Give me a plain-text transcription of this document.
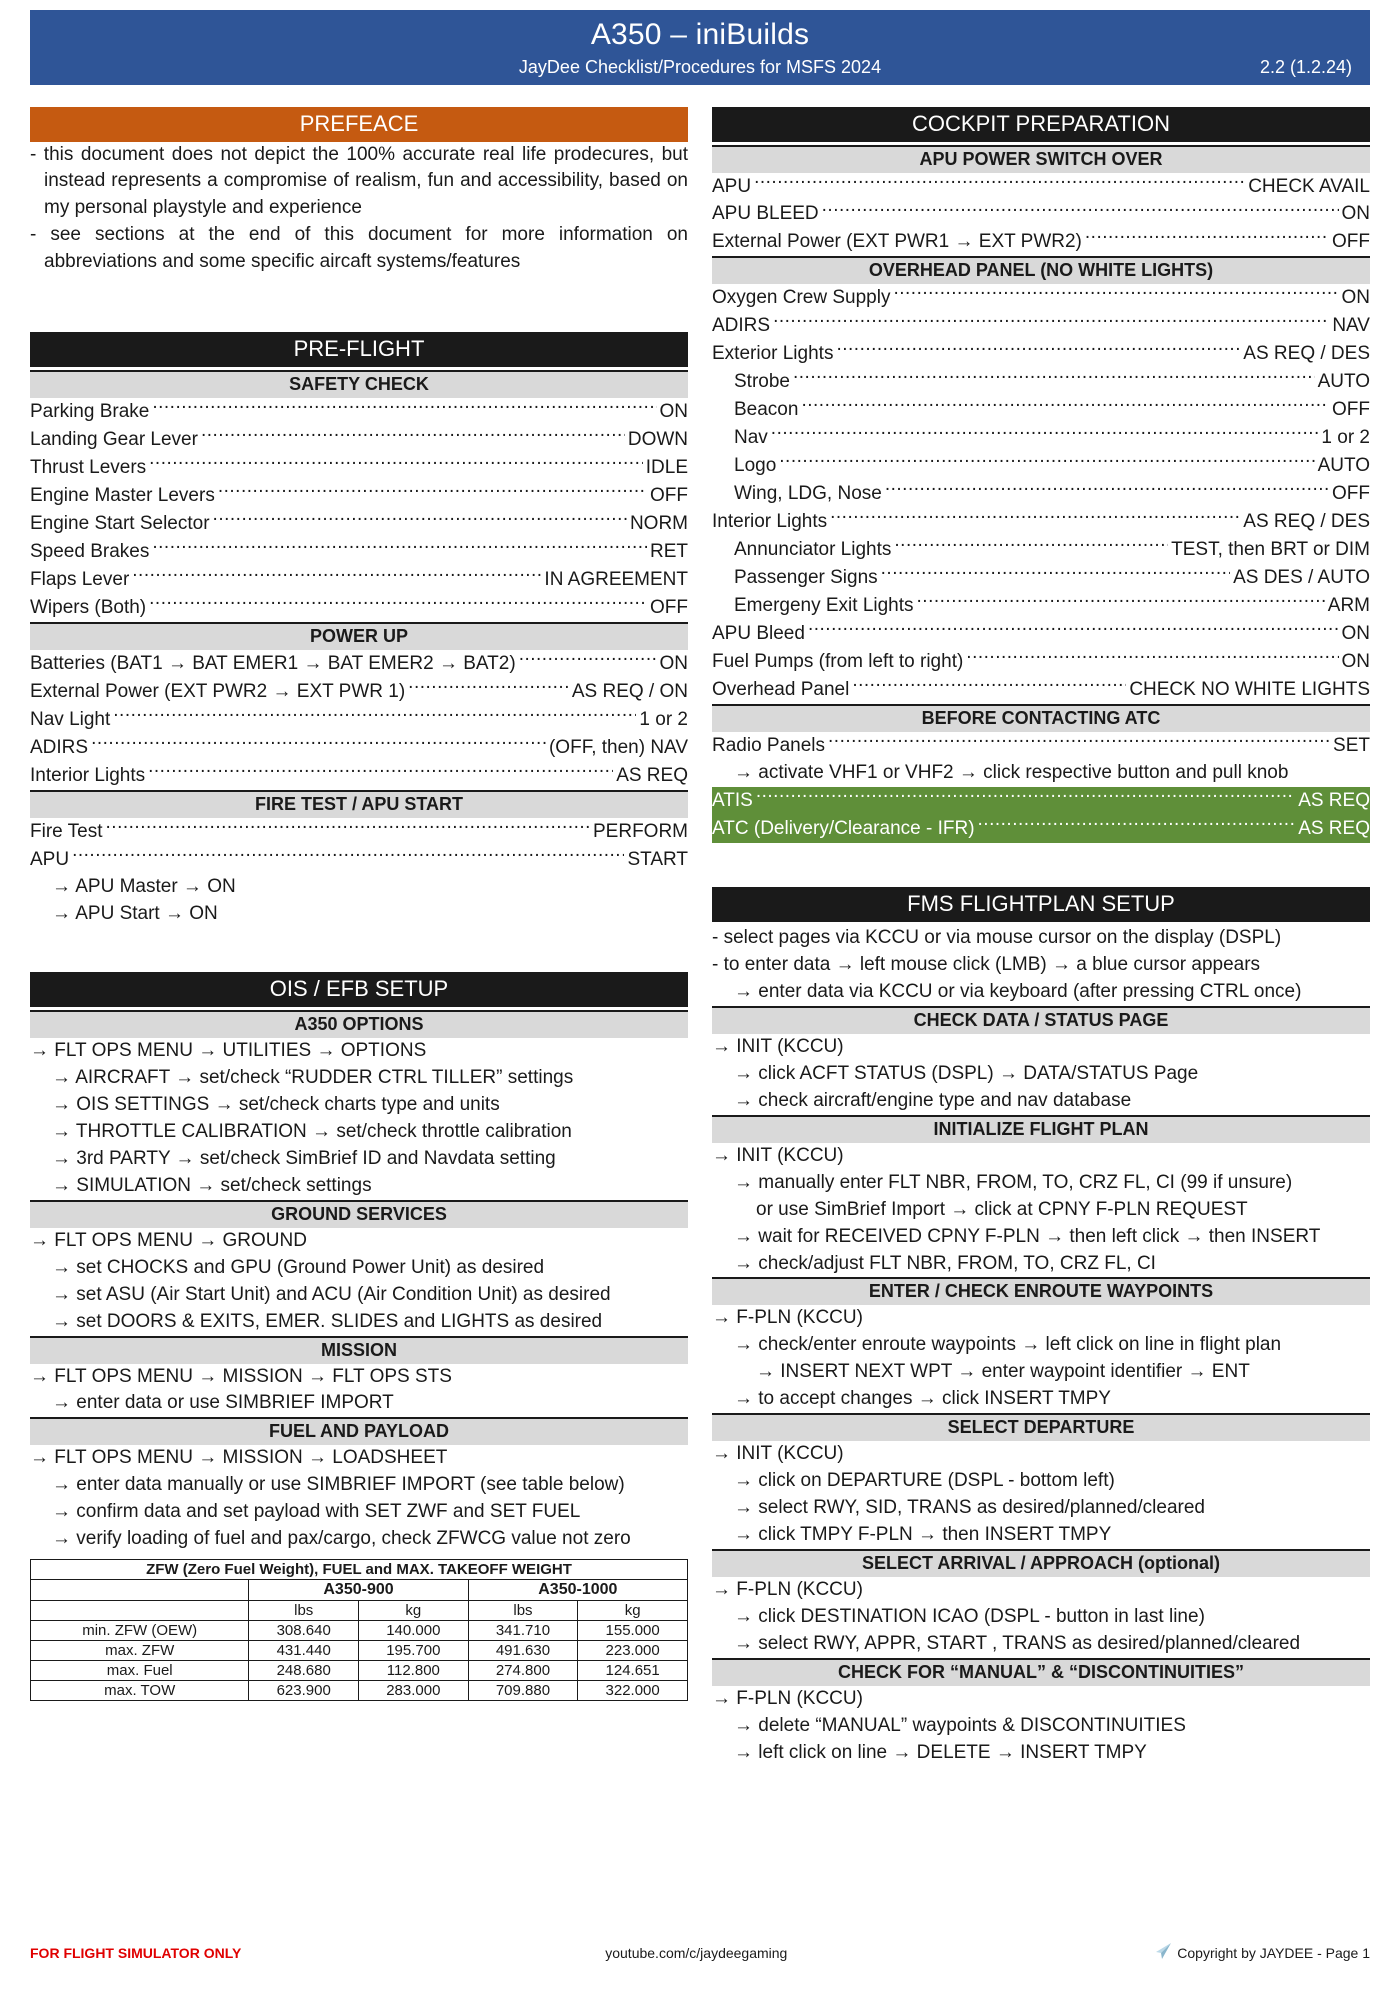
A350 – iniBuilds
JayDee Checklist/Procedures for MSFS 2024	2.2 (1.2.24)
PREFEACE
- this document does not depict the 100% accurate real life prodecures, but instead represents a compromise of realism, fun and accessibility, based on my personal playstyle and experience
- see sections at the end of this document for more information on abbreviations and some specific aircaft systems/features
PRE-FLIGHT
SAFETY CHECK
Parking Brake .....	ON
Landing Gear Lever .....	DOWN
Thrust Levers .....	IDLE
Engine Master Levers .....	OFF
Engine Start Selector .....	NORM
Speed Brakes .....	RET
Flaps Lever .....	IN AGREEMENT
Wipers (Both) .....	OFF
POWER UP
Batteries (BAT1 → BAT EMER1 → BAT EMER2 → BAT2) .....	ON
External Power (EXT PWR2 → EXT PWR 1) .....	AS REQ / ON
Nav Light .....	1 or 2
ADIRS .....	(OFF, then) NAV
Interior Lights .....	AS REQ
FIRE TEST / APU START
Fire Test .....	PERFORM
APU .....	START
→ APU Master → ON
→ APU Start → ON
OIS / EFB SETUP
A350 OPTIONS
→ FLT OPS MENU → UTILITIES → OPTIONS
→ AIRCRAFT → set/check “RUDDER CTRL TILLER” settings
→ OIS SETTINGS → set/check charts type and units
→ THROTTLE CALIBRATION → set/check throttle calibration
→ 3rd PARTY → set/check SimBrief ID and Navdata setting
→ SIMULATION → set/check settings
GROUND SERVICES
→ FLT OPS MENU → GROUND
→ set CHOCKS and GPU (Ground Power Unit) as desired
→ set ASU (Air Start Unit) and ACU (Air Condition Unit) as desired
→ set DOORS & EXITS, EMER. SLIDES and LIGHTS as desired
MISSION
→ FLT OPS MENU → MISSION → FLT OPS STS
→ enter data or use SIMBRIEF IMPORT
FUEL AND PAYLOAD
→ FLT OPS MENU → MISSION → LOADSHEET
→ enter data manually or use SIMBRIEF IMPORT (see table below)
→ confirm data and set payload with SET ZWF and SET FUEL
→ verify loading of fuel and pax/cargo, check ZFWCG value not zero
ZFW (Zero Fuel Weight), FUEL and MAX. TAKEOFF WEIGHT				
	A350-900		A350-1000	
	lbs	kg	lbs	kg
min. ZFW (OEW)	308.640	140.000	341.710	155.000
max. ZFW	431.440	195.700	491.630	223.000
max. Fuel	248.680	112.800	274.800	124.651
max. TOW	623.900	283.000	709.880	322.000
COCKPIT PREPARATION
APU POWER SWITCH OVER
APU .....	CHECK AVAIL
APU BLEED .....	ON
External Power (EXT PWR1 → EXT PWR2) .....	OFF
OVERHEAD PANEL (NO WHITE LIGHTS)
Oxygen Crew Supply .....	ON
ADIRS .....	NAV
Exterior Lights .....	AS REQ / DES
Strobe .....	AUTO
Beacon .....	OFF
Nav .....	1 or 2
Logo .....	AUTO
Wing, LDG, Nose .....	OFF
Interior Lights .....	AS REQ / DES
Annunciator Lights .....	TEST, then BRT or DIM
Passenger Signs .....	AS DES / AUTO
Emergeny Exit Lights .....	ARM
APU Bleed .....	ON
Fuel Pumps (from left to right) .....	ON
Overhead Panel .....	CHECK NO WHITE LIGHTS
BEFORE CONTACTING ATC
Radio Panels .....	SET
→ activate VHF1 or VHF2 → click respective button and pull knob
ATIS .....	AS REQ
ATC (Delivery/Clearance - IFR) .....	AS REQ
FMS FLIGHTPLAN SETUP
- select pages via KCCU or via mouse cursor on the display (DSPL)
- to enter data → left mouse click (LMB) → a blue cursor appears
→ enter data via KCCU or via keyboard (after pressing CTRL once)
CHECK DATA / STATUS PAGE
→ INIT (KCCU)
→ click ACFT STATUS (DSPL) → DATA/STATUS Page
→ check aircraft/engine type and nav database
INITIALIZE FLIGHT PLAN
→ INIT (KCCU)
→ manually enter FLT NBR, FROM, TO, CRZ FL, CI (99 if unsure)
or use SimBrief Import → click at CPNY F-PLN REQUEST
→ wait for RECEIVED CPNY F-PLN → then left click → then INSERT
→ check/adjust FLT NBR, FROM, TO, CRZ FL, CI
ENTER / CHECK ENROUTE WAYPOINTS
→ F-PLN (KCCU)
→ check/enter enroute waypoints → left click on line in flight plan
→ INSERT NEXT WPT → enter waypoint identifier → ENT
→ to accept changes → click INSERT TMPY
SELECT DEPARTURE
→ INIT (KCCU)
→ click on DEPARTURE (DSPL - bottom left)
→ select RWY, SID, TRANS as desired/planned/cleared
→ click TMPY F-PLN → then INSERT TMPY
SELECT ARRIVAL / APPROACH (optional)
→ F-PLN (KCCU)
→ click DESTINATION ICAO (DSPL - button in last line)
→ select RWY, APPR, START , TRANS as desired/planned/cleared
CHECK FOR “MANUAL” & “DISCONTINUITIES”
→ F-PLN (KCCU)
→ delete “MANUAL” waypoints & DISCONTINUITIES
→ left click on line → DELETE → INSERT TMPY
FOR FLIGHT SIMULATOR ONLY	youtube.com/c/jaydeegaming	Copyright by JAYDEE - Page 1
